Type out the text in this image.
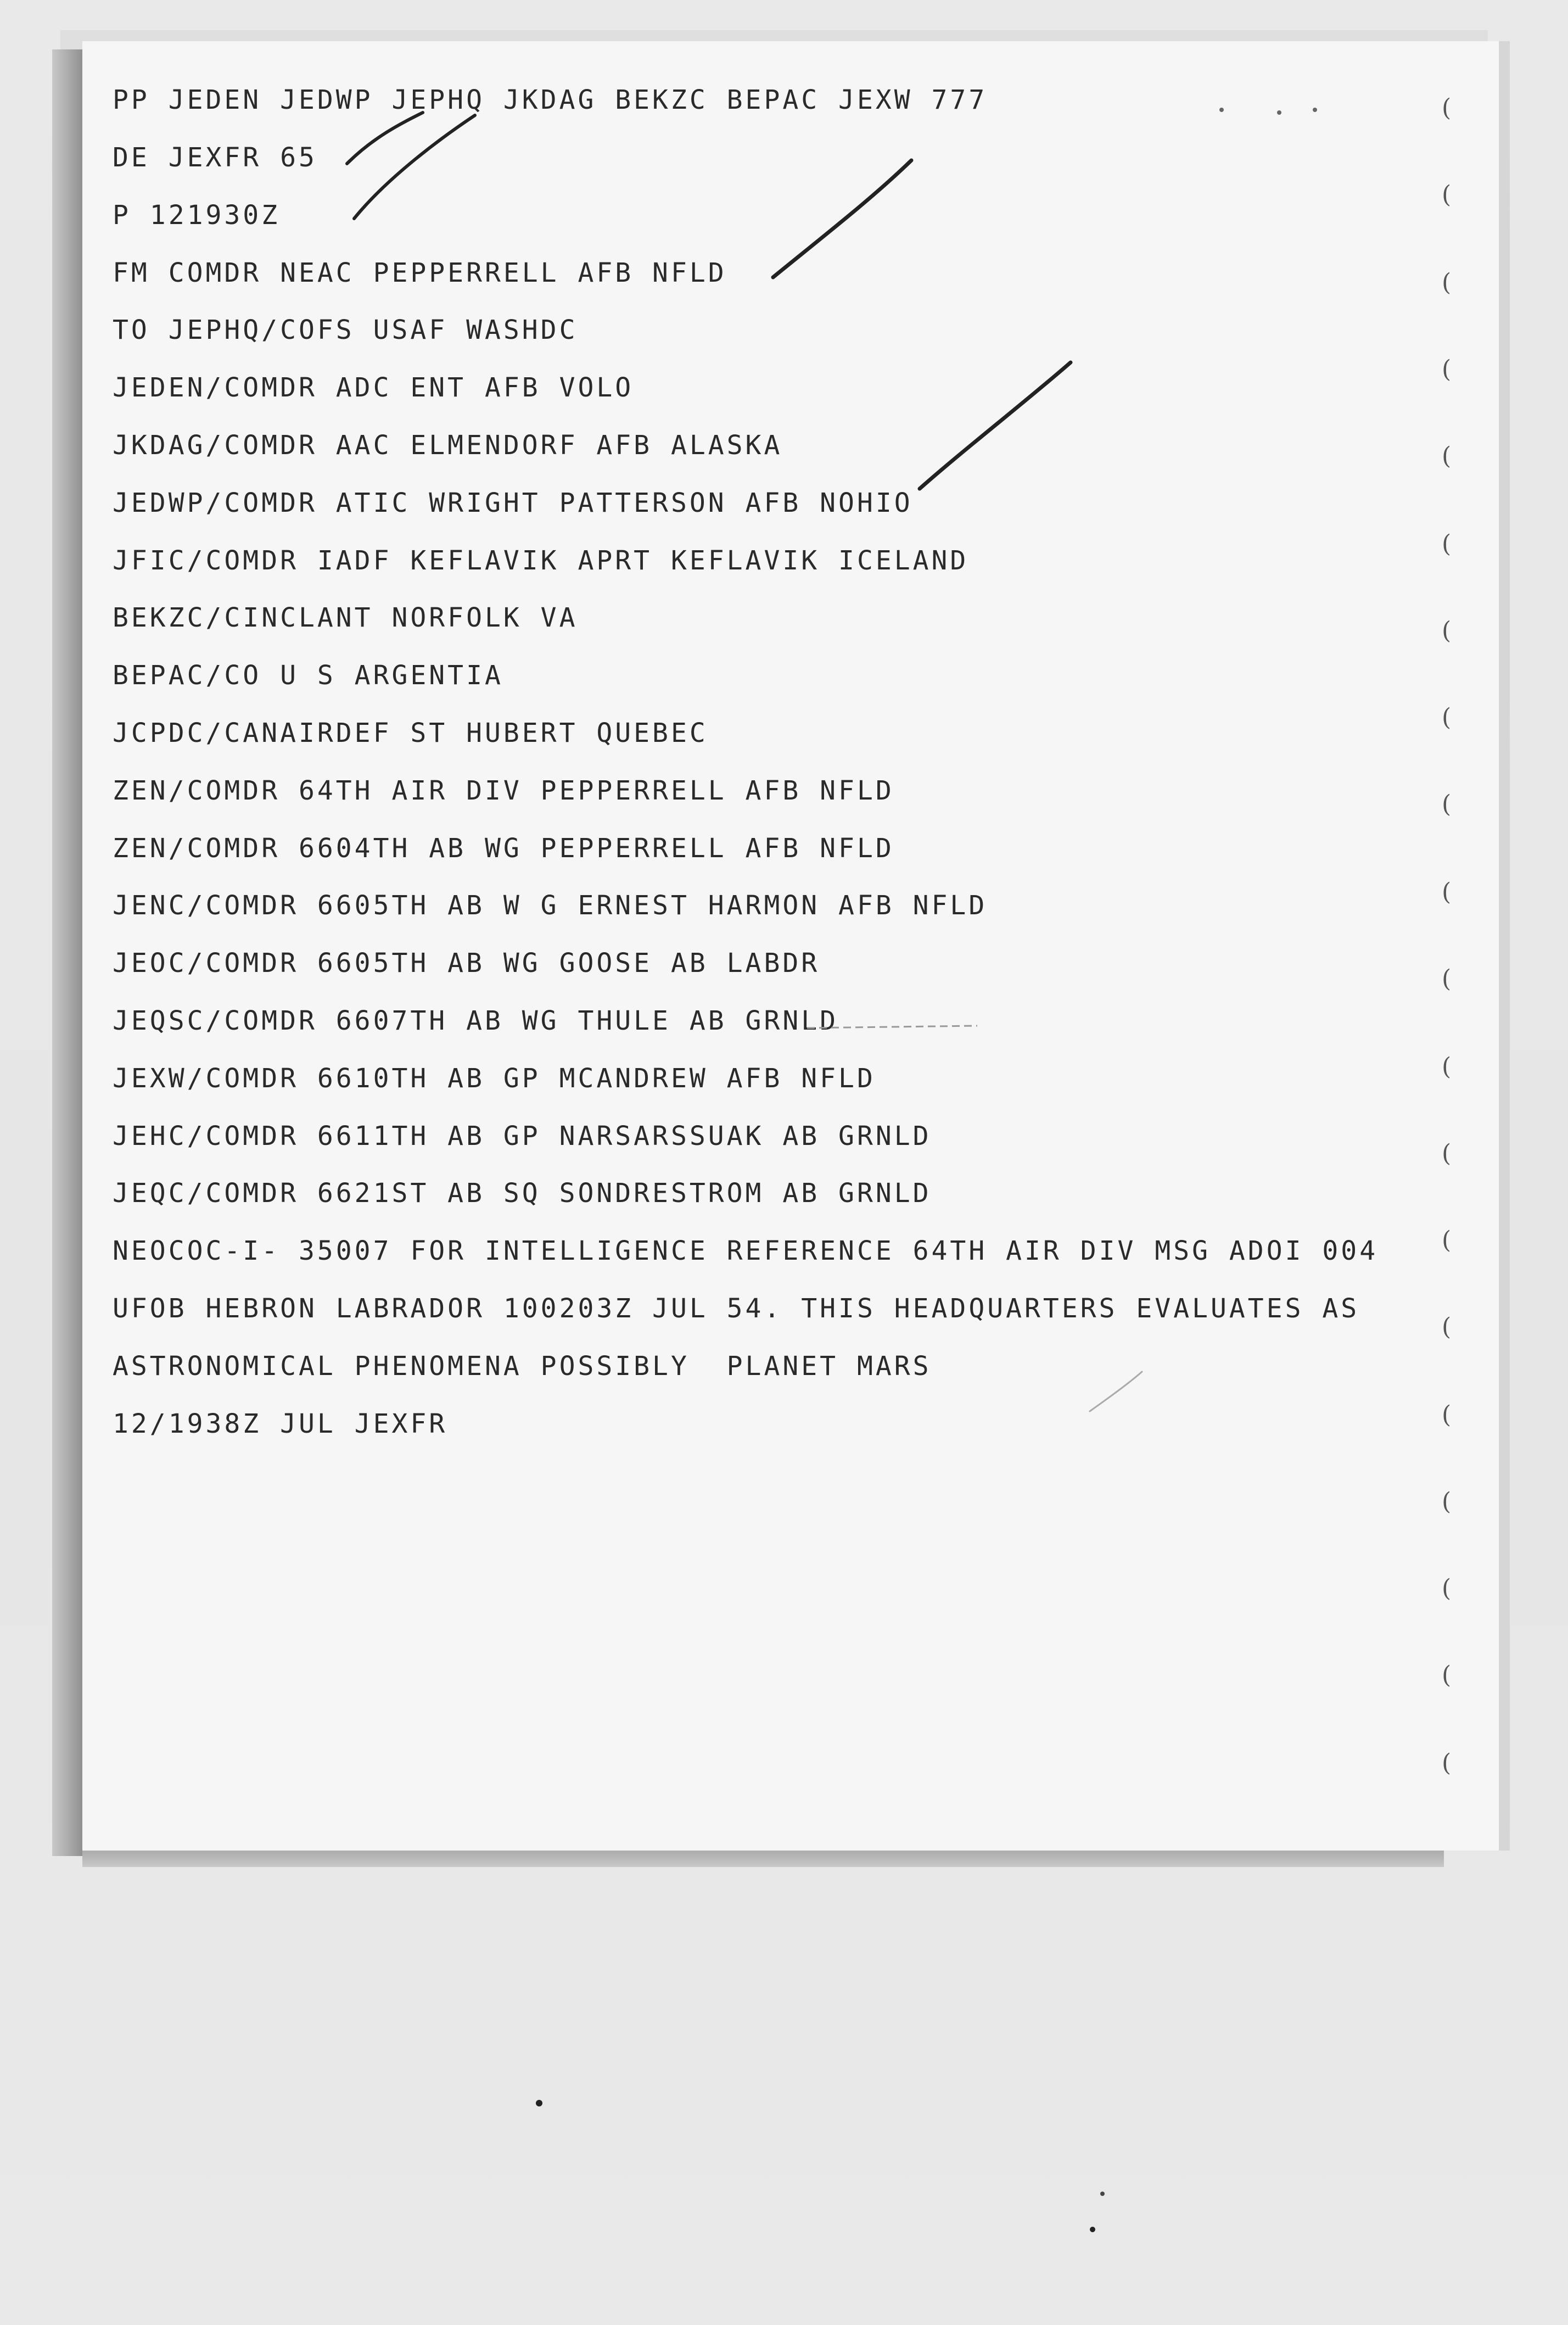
PP JEDEN JEDWP JEPHQ JKDAG BEKZC BEPAC JEXW 777

DE JEXFR 65

P 121930Z

FM COMDR NEAC PEPPERRELL AFB NFLD

TO JEPHQ/COFS USAF WASHDC

JEDEN/COMDR ADC ENT AFB VOLO

JKDAG/COMDR AAC ELMENDORF AFB ALASKA

JEDWP/COMDR ATIC WRIGHT PATTERSON AFB NOHIO

JFIC/COMDR IADF KEFLAVIK APRT KEFLAVIK ICELAND

BEKZC/CINCLANT NORFOLK VA

BEPAC/CO U S ARGENTIA

JCPDC/CANAIRDEF ST HUBERT QUEBEC

ZEN/COMDR 64TH AIR DIV PEPPERRELL AFB NFLD

ZEN/COMDR 6604TH AB WG PEPPERRELL AFB NFLD

JENC/COMDR 6605TH AB W G ERNEST HARMON AFB NFLD

JEOC/COMDR 6605TH AB WG GOOSE AB LABDR

JEQSC/COMDR 6607TH AB WG THULE AB GRNLD

JEXW/COMDR 6610TH AB GP MCANDREW AFB NFLD

JEHC/COMDR 6611TH AB GP NARSARSSUAK AB GRNLD

JEQC/COMDR 6621ST AB SQ SONDRESTROM AB GRNLD

NEOCOC-I- 35007 FOR INTELLIGENCE REFERENCE 64TH AIR DIV MSG ADOI 004

UFOB HEBRON LABRADOR 100203Z JUL 54. THIS HEADQUARTERS EVALUATES AS

ASTRONOMICAL PHENOMENA POSSIBLY  PLANET MARS

12/1938Z JUL JEXFR

(
(
(
(
(
(
(
(
(
(
(
(
(
(
(
(
(
(
(
(
